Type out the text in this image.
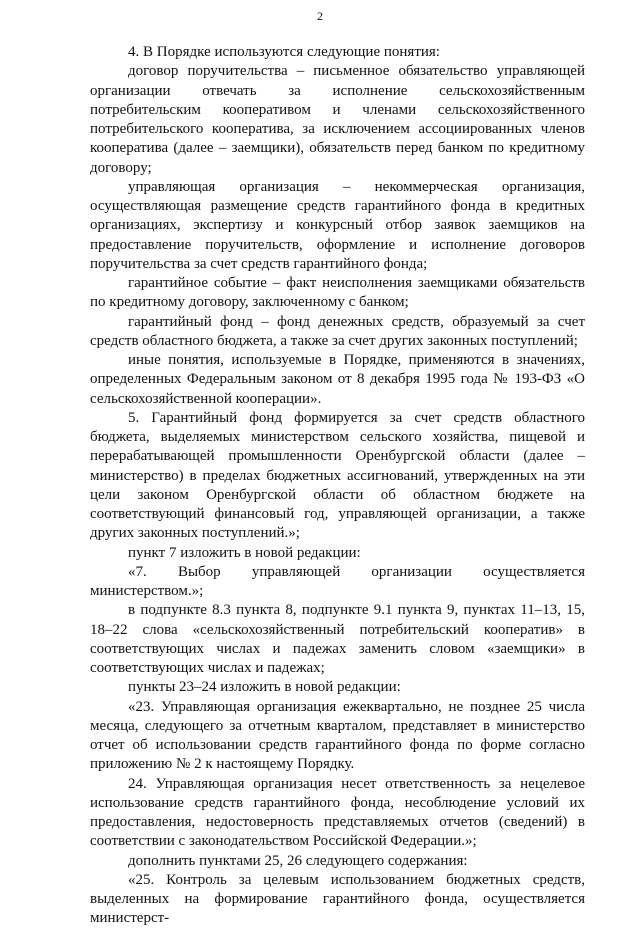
2

4. В Порядке используются следующие понятия:

договор поручительства – письменное обязательство управляющей организации отвечать за исполнение сельскохозяйственным потребительским кооперативом и членами сельскохозяйственного потребительского кооператива, за исключением ассоциированных членов кооператива (далее – заемщики), обязательств перед банком по кредитному договору;

управляющая организация – некоммерческая организация, осуществляющая размещение средств гарантийного фонда в кредитных организациях, экспертизу и конкурсный отбор заявок заемщиков на предоставление поручительств, оформление и исполнение договоров поручительства за счет средств гарантийного фонда;

гарантийное событие – факт неисполнения заемщиками обязательств по кредитному договору, заключенному с банком;

гарантийный фонд – фонд денежных средств, образуемый за счет средств областного бюджета, а также за счет других законных поступлений;

иные понятия, используемые в Порядке, применяются в значениях, определенных Федеральным законом от 8 декабря 1995 года № 193-ФЗ «О сельскохозяйственной кооперации».

5. Гарантийный фонд формируется за счет средств областного бюджета, выделяемых министерством сельского хозяйства, пищевой и перерабатывающей промышленности Оренбургской области (далее – министерство) в пределах бюджетных ассигнований, утвержденных на эти цели законом Оренбургской области об областном бюджете на соответствующий финансовый год, управляющей организации, а также других законных поступлений.»;

пункт 7 изложить в новой редакции:

«7. Выбор управляющей организации осуществляется министерством.»;

в подпункте 8.3 пункта 8, подпункте 9.1 пункта 9, пунктах 11–13, 15, 18–22 слова «сельскохозяйственный потребительский кооператив» в соответствующих числах и падежах заменить словом «заемщики» в соответствующих числах и падежах;

пункты 23–24 изложить в новой редакции:

«23. Управляющая организация ежеквартально, не позднее 25 числа месяца, следующего за отчетным кварталом, представляет в министерство отчет об использовании средств гарантийного фонда по форме согласно приложению № 2 к настоящему Порядку.

24. Управляющая организация несет ответственность за нецелевое использование средств гарантийного фонда, несоблюдение условий их предоставления, недостоверность представляемых отчетов (сведений) в соответствии с законодательством Российской Федерации.»;

дополнить пунктами 25, 26 следующего содержания:

«25. Контроль за целевым использованием бюджетных средств, выделенных на формирование гарантийного фонда, осуществляется министерст-
